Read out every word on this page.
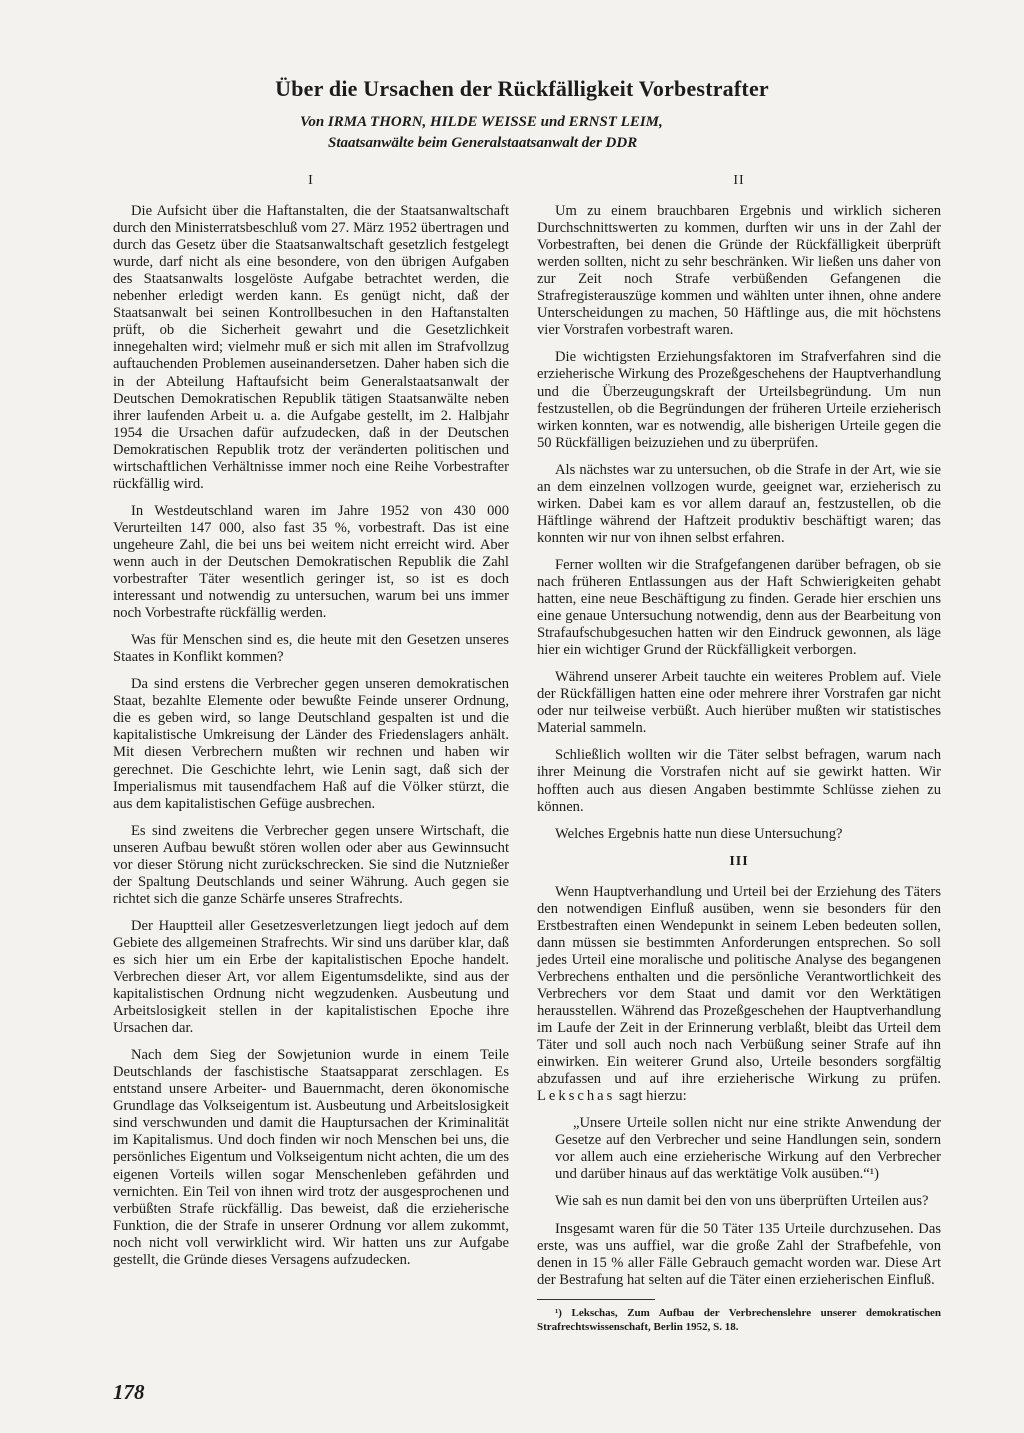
Über die Ursachen der Rückfälligkeit Vorbestrafter
Von IRMA THORN, HILDE WEISSE und ERNST LEIM,
Staatsanwälte beim Generalstaatsanwalt der DDR
I

Die Aufsicht über die Haftanstalten, die der Staatsanwaltschaft durch den Ministerratsbeschluß vom 27. März 1952 übertragen und durch das Gesetz über die Staatsanwaltschaft gesetzlich festgelegt wurde, darf nicht als eine besondere, von den übrigen Aufgaben des Staatsanwalts losgelöste Aufgabe betrachtet werden, die nebenher erledigt werden kann. Es genügt nicht, daß der Staatsanwalt bei seinen Kontrollbesuchen in den Haftanstalten prüft, ob die Sicherheit gewahrt und die Gesetzlichkeit innegehalten wird; vielmehr muß er sich mit allen im Strafvollzug auftauchenden Problemen auseinandersetzen. Daher haben sich die in der Abteilung Haftaufsicht beim Generalstaatsanwalt der Deutschen Demokratischen Republik tätigen Staatsanwälte neben ihrer laufenden Arbeit u. a. die Aufgabe gestellt, im 2. Halbjahr 1954 die Ursachen dafür aufzudecken, daß in der Deutschen Demokratischen Republik trotz der veränderten politischen und wirtschaftlichen Verhältnisse immer noch eine Reihe Vorbestrafter rückfällig wird.

In Westdeutschland waren im Jahre 1952 von 430 000 Verurteilten 147 000, also fast 35 %, vorbestraft. Das ist eine ungeheure Zahl, die bei uns bei weitem nicht erreicht wird. Aber wenn auch in der Deutschen Demokratischen Republik die Zahl vorbestrafter Täter wesentlich geringer ist, so ist es doch interessant und notwendig zu untersuchen, warum bei uns immer noch Vorbestrafte rückfällig werden.

Was für Menschen sind es, die heute mit den Gesetzen unseres Staates in Konflikt kommen?

Da sind erstens die Verbrecher gegen unseren demokratischen Staat, bezahlte Elemente oder bewußte Feinde unserer Ordnung, die es geben wird, so lange Deutschland gespalten ist und die kapitalistische Umkreisung der Länder des Friedenslagers anhält. Mit diesen Verbrechern mußten wir rechnen und haben wir gerechnet. Die Geschichte lehrt, wie Lenin sagt, daß sich der Imperialismus mit tausendfachem Haß auf die Völker stürzt, die aus dem kapitalistischen Gefüge ausbrechen.

Es sind zweitens die Verbrecher gegen unsere Wirtschaft, die unseren Aufbau bewußt stören wollen oder aber aus Gewinnsucht vor dieser Störung nicht zurückschrecken. Sie sind die Nutznießer der Spaltung Deutschlands und seiner Währung. Auch gegen sie richtet sich die ganze Schärfe unseres Strafrechts.

Der Hauptteil aller Gesetzesverletzungen liegt jedoch auf dem Gebiete des allgemeinen Strafrechts. Wir sind uns darüber klar, daß es sich hier um ein Erbe der kapitalistischen Epoche handelt. Verbrechen dieser Art, vor allem Eigentumsdelikte, sind aus der kapitalistischen Ordnung nicht wegzudenken. Ausbeutung und Arbeitslosigkeit stellen in der kapitalistischen Epoche ihre Ursachen dar.

Nach dem Sieg der Sowjetunion wurde in einem Teile Deutschlands der faschistische Staatsapparat zerschlagen. Es entstand unsere Arbeiter- und Bauernmacht, deren ökonomische Grundlage das Volkseigentum ist. Ausbeutung und Arbeitslosigkeit sind verschwunden und damit die Hauptursachen der Kriminalität im Kapitalismus. Und doch finden wir noch Menschen bei uns, die persönliches Eigentum und Volkseigentum nicht achten, die um des eigenen Vorteils willen sogar Menschenleben gefährden und vernichten. Ein Teil von ihnen wird trotz der ausgesprochenen und verbüßten Strafe rückfällig. Das beweist, daß die erzieherische Funktion, die der Strafe in unserer Ordnung vor allem zukommt, noch nicht voll verwirklicht wird. Wir hatten uns zur Aufgabe gestellt, die Gründe dieses Versagens aufzudecken.

II

Um zu einem brauchbaren Ergebnis und wirklich sicheren Durchschnittswerten zu kommen, durften wir uns in der Zahl der Vorbestraften, bei denen die Gründe der Rückfälligkeit überprüft werden sollten, nicht zu sehr beschränken. Wir ließen uns daher von zur Zeit noch Strafe verbüßenden Gefangenen die Strafregisterauszüge kommen und wählten unter ihnen, ohne andere Unterscheidungen zu machen, 50 Häftlinge aus, die mit höchstens vier Vorstrafen vorbestraft waren.

Die wichtigsten Erziehungsfaktoren im Strafverfahren sind die erzieherische Wirkung des Prozeßgeschehens der Hauptverhandlung und die Überzeugungskraft der Urteilsbegründung. Um nun festzustellen, ob die Begründungen der früheren Urteile erzieherisch wirken konnten, war es notwendig, alle bisherigen Urteile gegen die 50 Rückfälligen beizuziehen und zu überprüfen.

Als nächstes war zu untersuchen, ob die Strafe in der Art, wie sie an dem einzelnen vollzogen wurde, geeignet war, erzieherisch zu wirken. Dabei kam es vor allem darauf an, festzustellen, ob die Häftlinge während der Haftzeit produktiv beschäftigt waren; das konnten wir nur von ihnen selbst erfahren.

Ferner wollten wir die Strafgefangenen darüber befragen, ob sie nach früheren Entlassungen aus der Haft Schwierigkeiten gehabt hatten, eine neue Beschäftigung zu finden. Gerade hier erschien uns eine genaue Untersuchung notwendig, denn aus der Bearbeitung von Strafaufschubgesuchen hatten wir den Eindruck gewonnen, als läge hier ein wichtiger Grund der Rückfälligkeit verborgen.

Während unserer Arbeit tauchte ein weiteres Problem auf. Viele der Rückfälligen hatten eine oder mehrere ihrer Vorstrafen gar nicht oder nur teilweise verbüßt. Auch hierüber mußten wir statistisches Material sammeln.

Schließlich wollten wir die Täter selbst befragen, warum nach ihrer Meinung die Vorstrafen nicht auf sie gewirkt hatten. Wir hofften auch aus diesen Angaben bestimmte Schlüsse ziehen zu können.

Welches Ergebnis hatte nun diese Untersuchung?

III

Wenn Hauptverhandlung und Urteil bei der Erziehung des Täters den notwendigen Einfluß ausüben, wenn sie besonders für den Erstbestraften einen Wendepunkt in seinem Leben bedeuten sollen, dann müssen sie bestimmten Anforderungen entsprechen. So soll jedes Urteil eine moralische und politische Analyse des begangenen Verbrechens enthalten und die persönliche Verantwortlichkeit des Verbrechers vor dem Staat und damit vor den Werktätigen herausstellen. Während das Prozeßgeschehen der Hauptverhandlung im Laufe der Zeit in der Erinnerung verblaßt, bleibt das Urteil dem Täter und soll auch noch nach Verbüßung seiner Strafe auf ihn einwirken. Ein weiterer Grund also, Urteile besonders sorgfältig abzufassen und auf ihre erzieherische Wirkung zu prüfen. Lekschas sagt hierzu:

„Unsere Urteile sollen nicht nur eine strikte Anwendung der Gesetze auf den Verbrecher und seine Handlungen sein, sondern vor allem auch eine erzieherische Wirkung auf den Verbrecher und darüber hinaus auf das werktätige Volk ausüben.“¹)

Wie sah es nun damit bei den von uns überprüften Urteilen aus?

Insgesamt waren für die 50 Täter 135 Urteile durchzusehen. Das erste, was uns auffiel, war die große Zahl der Strafbefehle, von denen in 15 % aller Fälle Gebrauch gemacht worden war. Diese Art der Bestrafung hat selten auf die Täter einen erzieherischen Einfluß.

¹) Lekschas, Zum Aufbau der Verbrechenslehre unserer demokratischen Strafrechtswissenschaft, Berlin 1952, S. 18.

178
